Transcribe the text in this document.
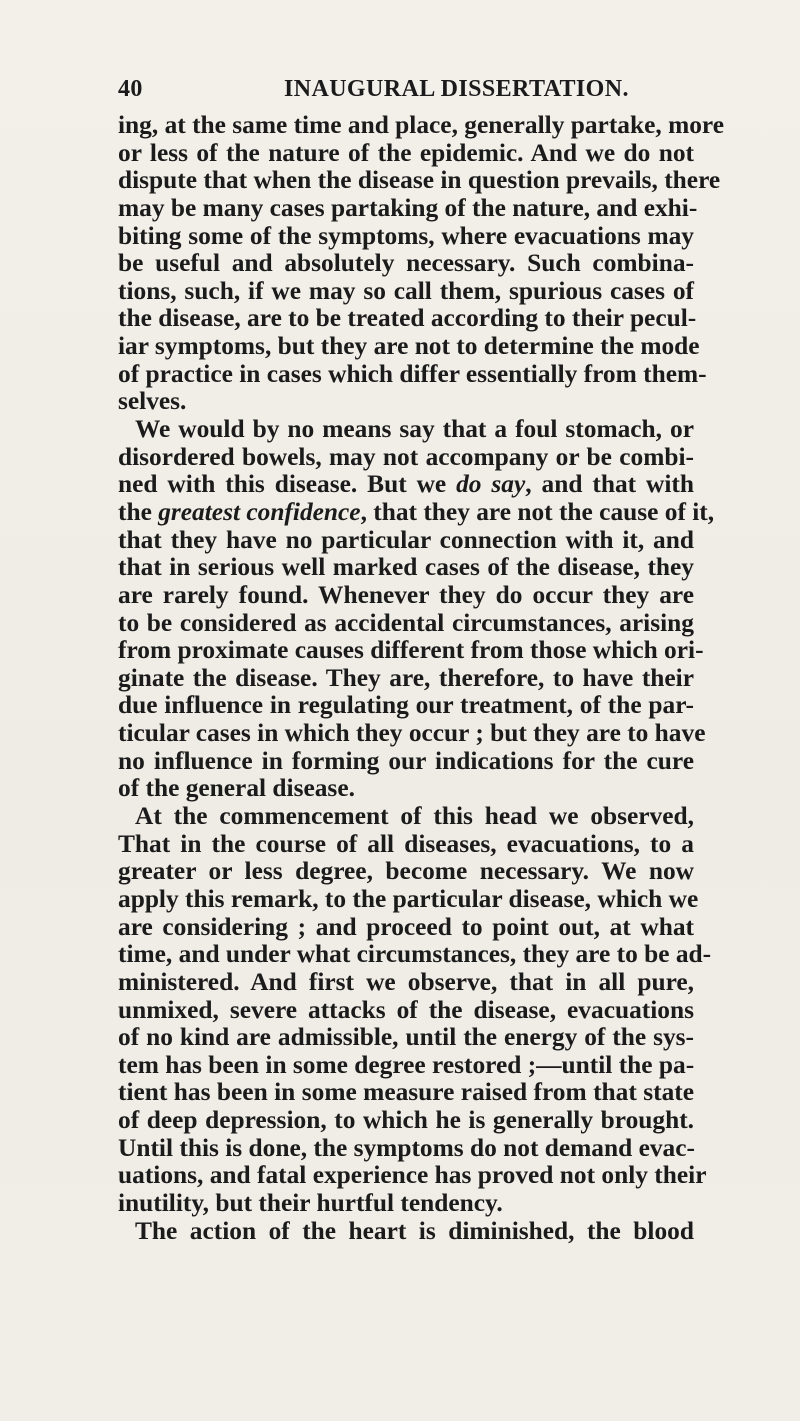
40	INAUGURAL DISSERTATION.
ing, at the same time and place, generally partake, more
or less of the nature of the epidemic. And we do not
dispute that when the disease in question prevails, there
may be many cases partaking of the nature, and exhi-
biting some of the symptoms, where evacuations may
be useful and absolutely necessary. Such combina-
tions, such, if we may so call them, spurious cases of
the disease, are to be treated according to their pecul-
iar symptoms, but they are not to determine the mode
of practice in cases which differ essentially from them-
selves.
We would by no means say that a foul stomach, or
disordered bowels, may not accompany or be combi-
ned with this disease. But we do say, and that with
the greatest confidence, that they are not the cause of it,
that they have no particular connection with it, and
that in serious well marked cases of the disease, they
are rarely found. Whenever they do occur they are
to be considered as accidental circumstances, arising
from proximate causes different from those which ori-
ginate the disease. They are, therefore, to have their
due influence in regulating our treatment, of the par-
ticular cases in which they occur ; but they are to have
no influence in forming our indications for the cure
of the general disease.
At the commencement of this head we observed,
That in the course of all diseases, evacuations, to a
greater or less degree, become necessary. We now
apply this remark, to the particular disease, which we
are considering ; and proceed to point out, at what
time, and under what circumstances, they are to be ad-
ministered. And first we observe, that in all pure,
unmixed, severe attacks of the disease, evacuations
of no kind are admissible, until the energy of the sys-
tem has been in some degree restored ;—until the pa-
tient has been in some measure raised from that state
of deep depression, to which he is generally brought.
Until this is done, the symptoms do not demand evac-
uations, and fatal experience has proved not only their
inutility, but their hurtful tendency.
The action of the heart is diminished, the blood
